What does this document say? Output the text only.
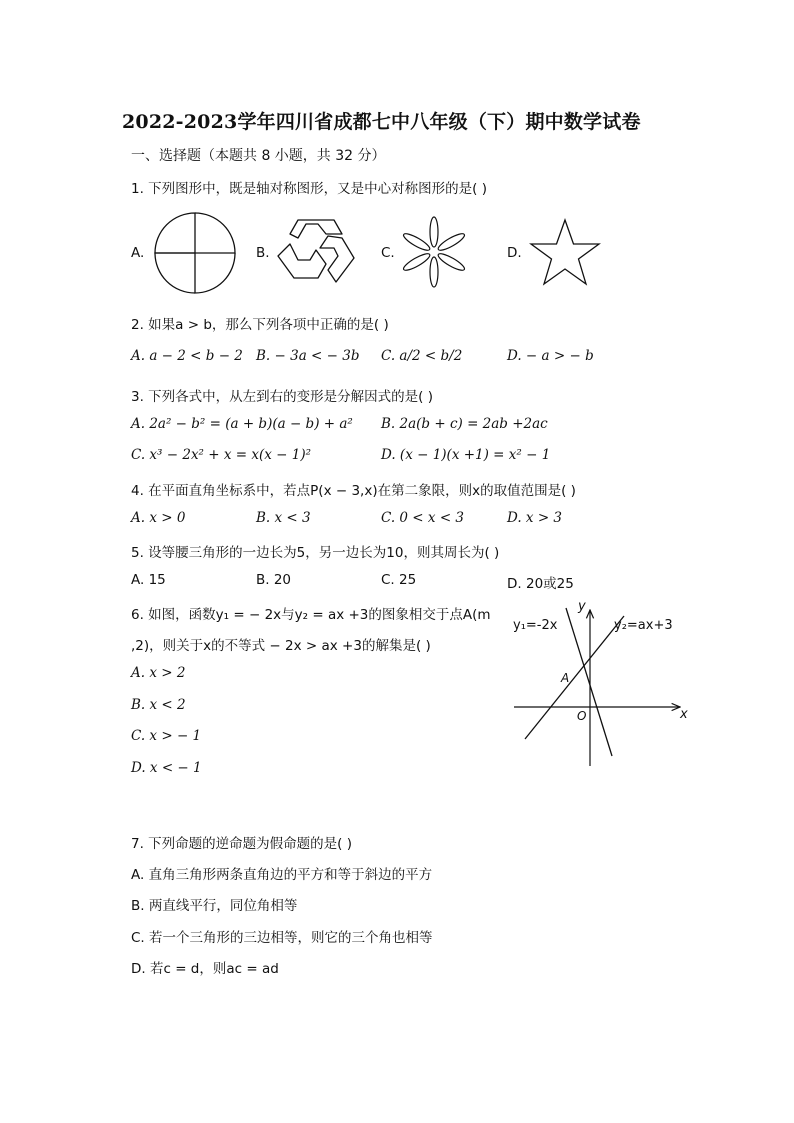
2022-2023学年四川省成都七中八年级（下）期中数学试卷
一、选择题（本题共 8 小题，共 32 分）
1. 下列图形中，既是轴对称图形，又是中心对称图形的是( )
A.	B.	C.	D.
2. 如果a > b，那么下列各项中正确的是( )
A. a − 2 < b − 2 B. − 3a < − 3b C. a/2 < b/2	D. − a > − b
3. 下列各式中，从左到右的变形是分解因式的是( )
A. 2a² − b² = (a + b)(a − b) + a² B. 2a(b + c) = 2ab +2ac
C. x³ − 2x² + x = x(x − 1)²	D. (x − 1)(x +1) = x² − 1
4. 在平面直角坐标系中，若点P(x − 3,x)在第二象限，则x的取值范围是( )
A. x > 0	B. x < 3	C. 0 < x < 3	D. x > 3
5. 设等腰三角形的一边长为5，另一边长为10，则其周长为( )
A. 15	B. 20	C. 25	D. 20或25
6. 如图，函数y₁ = − 2x与y₂ = ax +3的图象相交于点A(m
,2)，则关于x的不等式 − 2x > ax +3的解集是( )
A. x > 2
B. x < 2
C. x > − 1
D. x < − 1
y₁=-2x	y₂=ax+3
A
O	x
y
7. 下列命题的逆命题为假命题的是( )
A. 直角三角形两条直角边的平方和等于斜边的平方
B. 两直线平行，同位角相等
C. 若一个三角形的三边相等，则它的三个角也相等
D. 若c = d，则ac = ad
